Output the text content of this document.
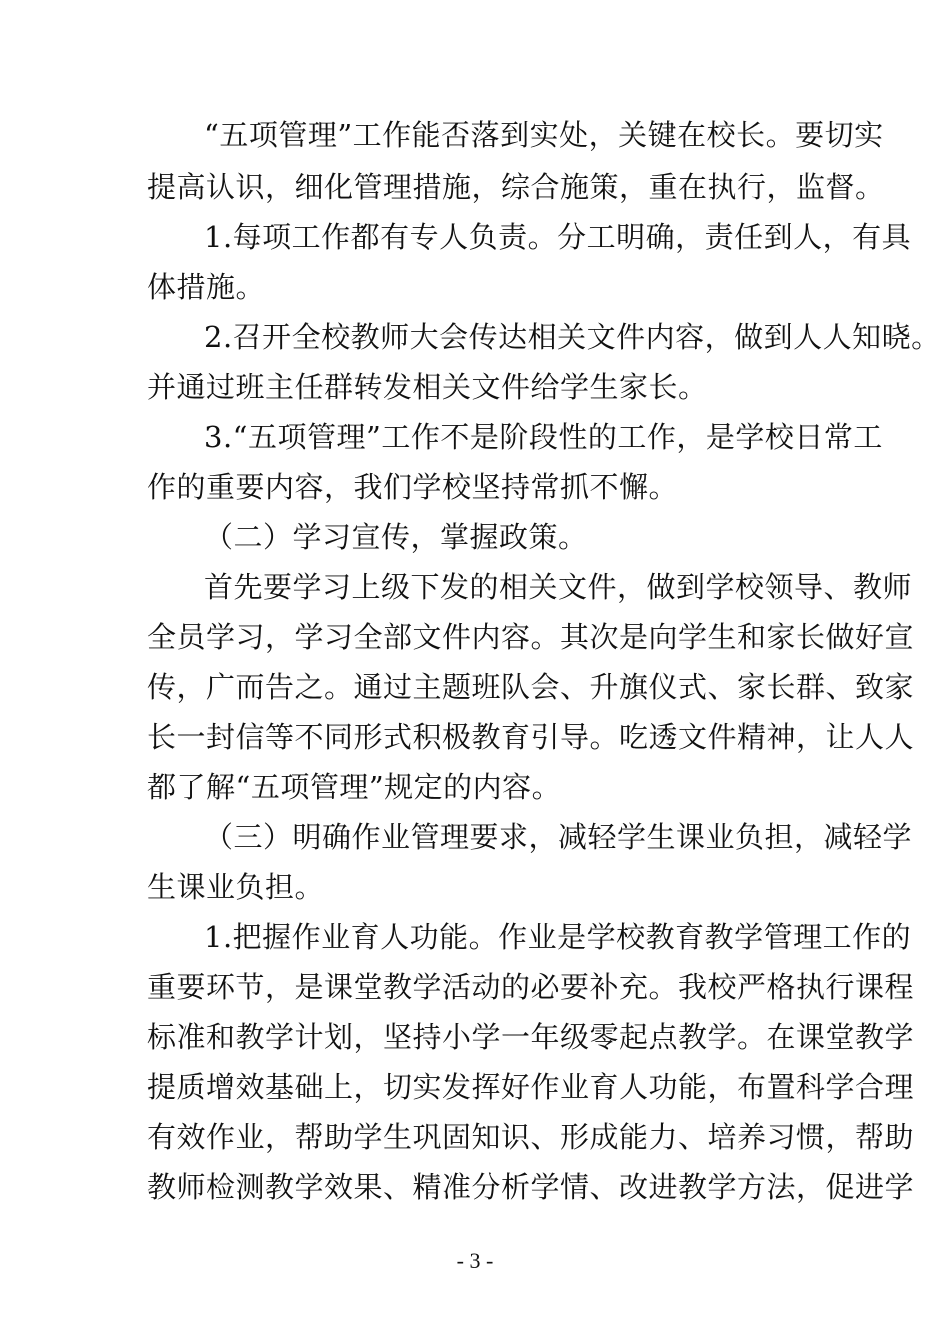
“五项管理”工作能否落到实处，关键在校长。要切实
提高认识，细化管理措施，综合施策，重在执行，监督。
1.每项工作都有专人负责。分工明确，责任到人，有具
体措施。
2.召开全校教师大会传达相关文件内容，做到人人知晓。
并通过班主任群转发相关文件给学生家长。
3.“五项管理”工作不是阶段性的工作，是学校日常工
作的重要内容，我们学校坚持常抓不懈。
（二）学习宣传，掌握政策。
首先要学习上级下发的相关文件，做到学校领导、教师
全员学习，学习全部文件内容。其次是向学生和家长做好宣
传，广而告之。通过主题班队会、升旗仪式、家长群、致家
长一封信等不同形式积极教育引导。吃透文件精神，让人人
都了解“五项管理”规定的内容。
（三）明确作业管理要求，减轻学生课业负担，减轻学
生课业负担。
1.把握作业育人功能。作业是学校教育教学管理工作的
重要环节，是课堂教学活动的必要补充。我校严格执行课程
标准和教学计划，坚持小学一年级零起点教学。在课堂教学
提质增效基础上，切实发挥好作业育人功能，布置科学合理
有效作业，帮助学生巩固知识、形成能力、培养习惯，帮助
教师检测教学效果、精准分析学情、改进教学方法，促进学
- 3 -
